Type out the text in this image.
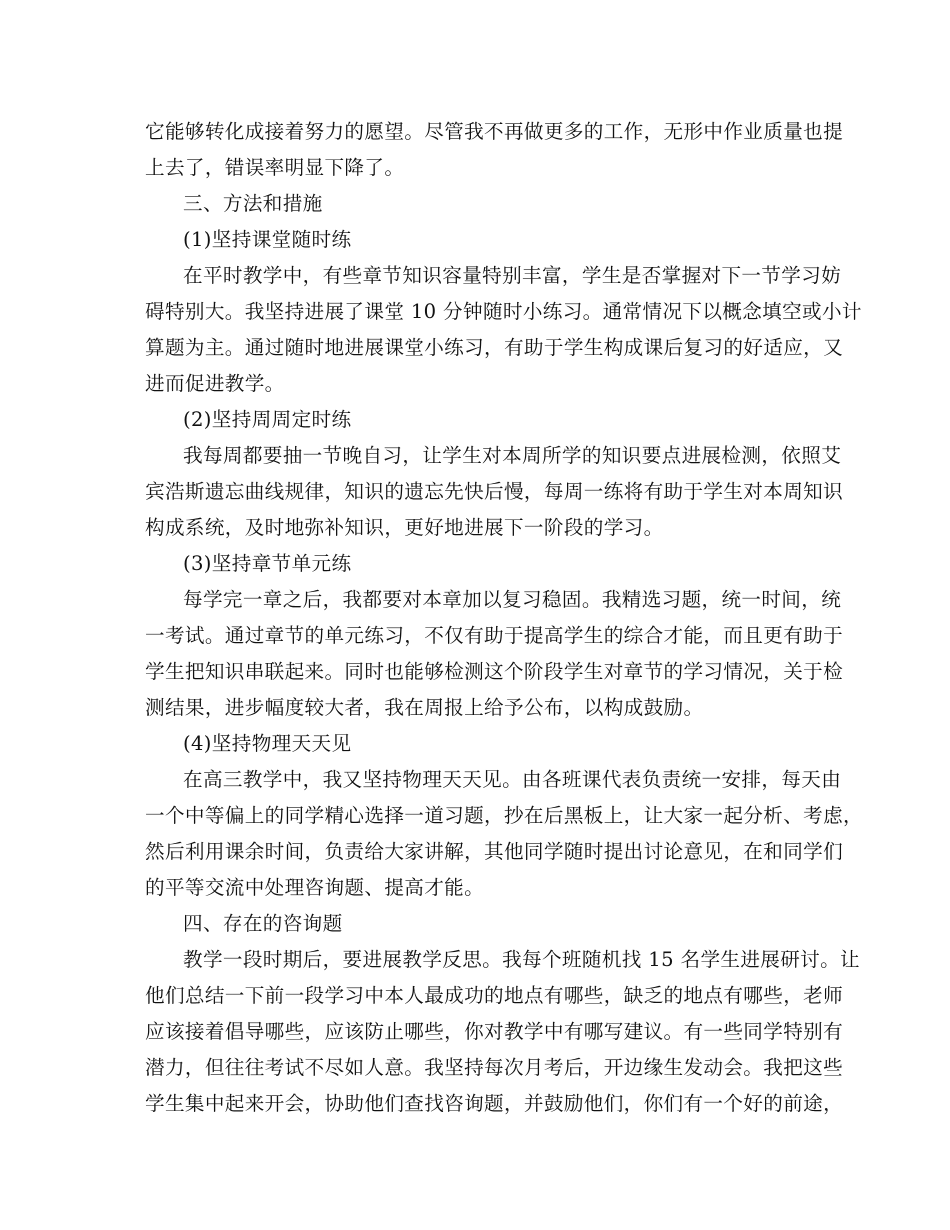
它能够转化成接着努力的愿望。尽管我不再做更多的工作，无形中作业质量也提
上去了，错误率明显下降了。
三、方法和措施
(1)坚持课堂随时练
在平时教学中，有些章节知识容量特别丰富，学生是否掌握对下一节学习妨
碍特别大。我坚持进展了课堂 10 分钟随时小练习。通常情况下以概念填空或小计
算题为主。通过随时地进展课堂小练习，有助于学生构成课后复习的好适应，又
进而促进教学。
(2)坚持周周定时练
我每周都要抽一节晚自习，让学生对本周所学的知识要点进展检测，依照艾
宾浩斯遗忘曲线规律，知识的遗忘先快后慢，每周一练将有助于学生对本周知识
构成系统，及时地弥补知识，更好地进展下一阶段的学习。
(3)坚持章节单元练
每学完一章之后，我都要对本章加以复习稳固。我精选习题，统一时间，统
一考试。通过章节的单元练习，不仅有助于提高学生的综合才能，而且更有助于
学生把知识串联起来。同时也能够检测这个阶段学生对章节的学习情况，关于检
测结果，进步幅度较大者，我在周报上给予公布，以构成鼓励。
(4)坚持物理天天见
在高三教学中，我又坚持物理天天见。由各班课代表负责统一安排，每天由
一个中等偏上的同学精心选择一道习题，抄在后黑板上，让大家一起分析、考虑，
然后利用课余时间，负责给大家讲解，其他同学随时提出讨论意见，在和同学们
的平等交流中处理咨询题、提高才能。
四、存在的咨询题
教学一段时期后，要进展教学反思。我每个班随机找 15 名学生进展研讨。让
他们总结一下前一段学习中本人最成功的地点有哪些，缺乏的地点有哪些，老师
应该接着倡导哪些，应该防止哪些，你对教学中有哪写建议。有一些同学特别有
潜力，但往往考试不尽如人意。我坚持每次月考后，开边缘生发动会。我把这些
学生集中起来开会，协助他们查找咨询题，并鼓励他们，你们有一个好的前途，
